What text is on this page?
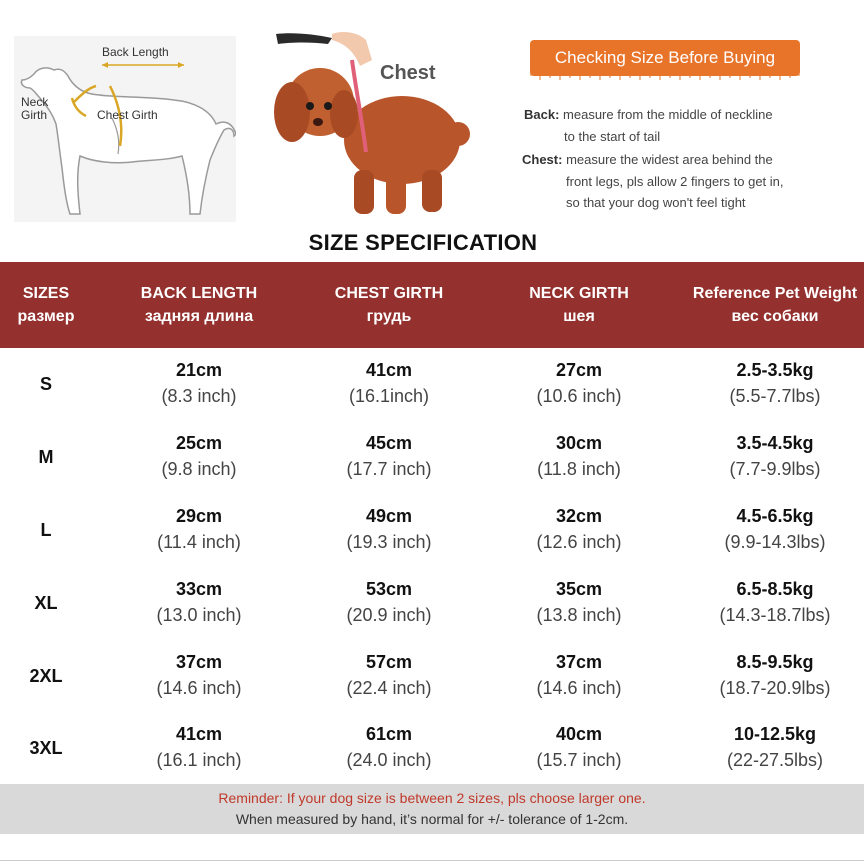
Back Length
Neck
Girth	Chest Girth
Chest
Checking Size Before Buying
Back: measure from the middle of neckline
to the start of tail
Chest: measure the widest area behind the
front legs, pls allow 2 fingers to get in,
so that your dog won't feel tight
SIZE SPECIFICATION
SIZES
размер
BACK LENGTH
задняя длина
CHEST GIRTH
грудь
NECK GIRTH
шея
Reference Pet Weight
вес собаки
S
21cm
(8.3 inch)
41cm
(16.1inch)
27cm
(10.6 inch)
2.5-3.5kg
(5.5-7.7lbs)
M
25cm
(9.8 inch)
45cm
(17.7 inch)
30cm
(11.8 inch)
3.5-4.5kg
(7.7-9.9lbs)
L
29cm
(11.4 inch)
49cm
(19.3 inch)
32cm
(12.6 inch)
4.5-6.5kg
(9.9-14.3lbs)
XL
33cm
(13.0 inch)
53cm
(20.9 inch)
35cm
(13.8 inch)
6.5-8.5kg
(14.3-18.7lbs)
2XL
37cm
(14.6 inch)
57cm
(22.4 inch)
37cm
(14.6 inch)
8.5-9.5kg
(18.7-20.9lbs)
3XL
41cm
(16.1 inch)
61cm
(24.0 inch)
40cm
(15.7 inch)
10-12.5kg
(22-27.5lbs)
Reminder: If your dog size is between 2 sizes, pls choose larger one.
When measured by hand, it’s normal for +/- tolerance of 1-2cm.
